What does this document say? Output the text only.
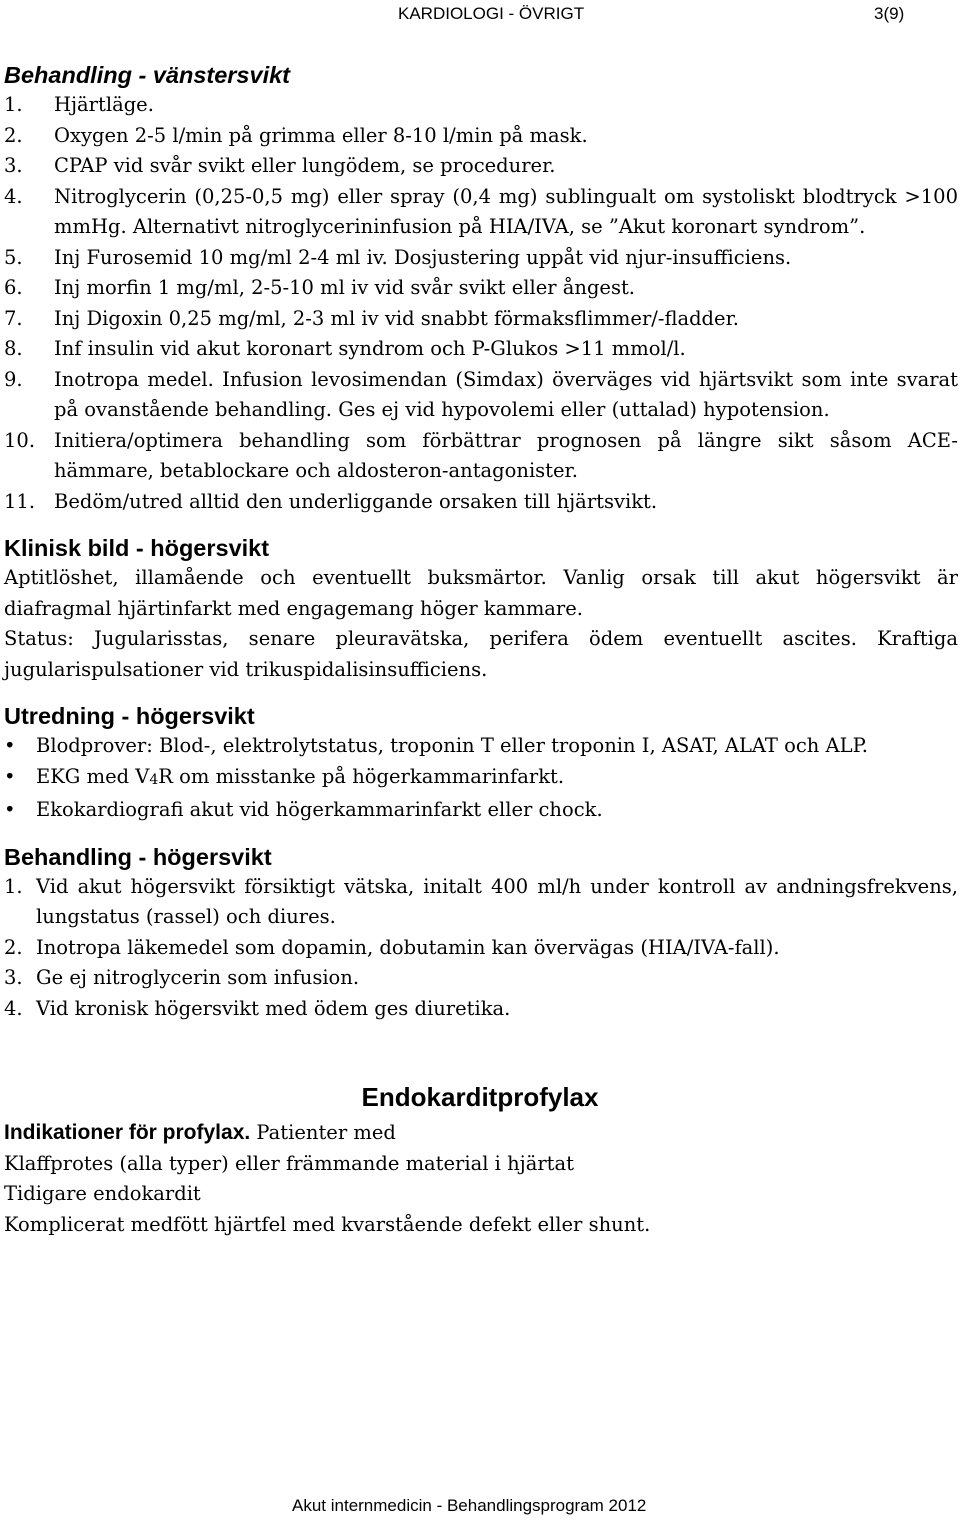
KARDIOLOGI - ÖVRIGT	3(9)
Behandling - vänstersvikt
1. Hjärtläge.
2. Oxygen 2-5 l/min på grimma eller 8-10 l/min på mask.
3. CPAP vid svår svikt eller lungödem, se procedurer.
4. Nitroglycerin (0,25-0,5 mg) eller spray (0,4 mg) sublingualt om systoliskt blodtryck >100 mmHg. Alternativt nitroglycerininfusion på HIA/IVA, se ”Akut koronart syndrom”.
5. Inj Furosemid 10 mg/ml 2-4 ml iv. Dosjustering uppåt vid njur-insufficiens.
6. Inj morfin 1 mg/ml, 2-5-10 ml iv vid svår svikt eller ångest.
7. Inj Digoxin 0,25 mg/ml, 2-3 ml iv vid snabbt förmaksflimmer/-fladder.
8. Inf insulin vid akut koronart syndrom och P-Glukos >11 mmol/l.
9. Inotropa medel. Infusion levosimendan (Simdax) överväges vid hjärtsvikt som inte svarat på ovanstående behandling. Ges ej vid hypovolemi eller (uttalad) hypotension.
10. Initiera/optimera behandling som förbättrar prognosen på längre sikt såsom ACE-hämmare, betablockare och aldosteron-antagonister.
11. Bedöm/utred alltid den underliggande orsaken till hjärtsvikt.
Klinisk bild - högersvikt
Aptitlöshet, illamående och eventuellt buksmärtor. Vanlig orsak till akut högersvikt är diafragmal hjärtinfarkt med engagemang höger kammare.
Status: Jugularisstas, senare pleuravätska, perifera ödem eventuellt ascites. Kraftiga jugularispulsationer vid trikuspidalisinsufficiens.
Utredning - högersvikt
• Blodprover: Blod-, elektrolytstatus, troponin T eller troponin I, ASAT, ALAT och ALP.
• EKG med V4R om misstanke på högerkammarinfarkt.
• Ekokardiografi akut vid högerkammarinfarkt eller chock.
Behandling - högersvikt
1. Vid akut högersvikt försiktigt vätska, initalt 400 ml/h under kontroll av andningsfrekvens, lungstatus (rassel) och diures.
2. Inotropa läkemedel som dopamin, dobutamin kan övervägas (HIA/IVA-fall).
3. Ge ej nitroglycerin som infusion.
4. Vid kronisk högersvikt med ödem ges diuretika.
Endokarditprofylax
Indikationer för profylax. Patienter med
Klaffprotes (alla typer) eller främmande material i hjärtat
Tidigare endokardit
Komplicerat medfött hjärtfel med kvarstående defekt eller shunt.
Akut internmedicin - Behandlingsprogram 2012
